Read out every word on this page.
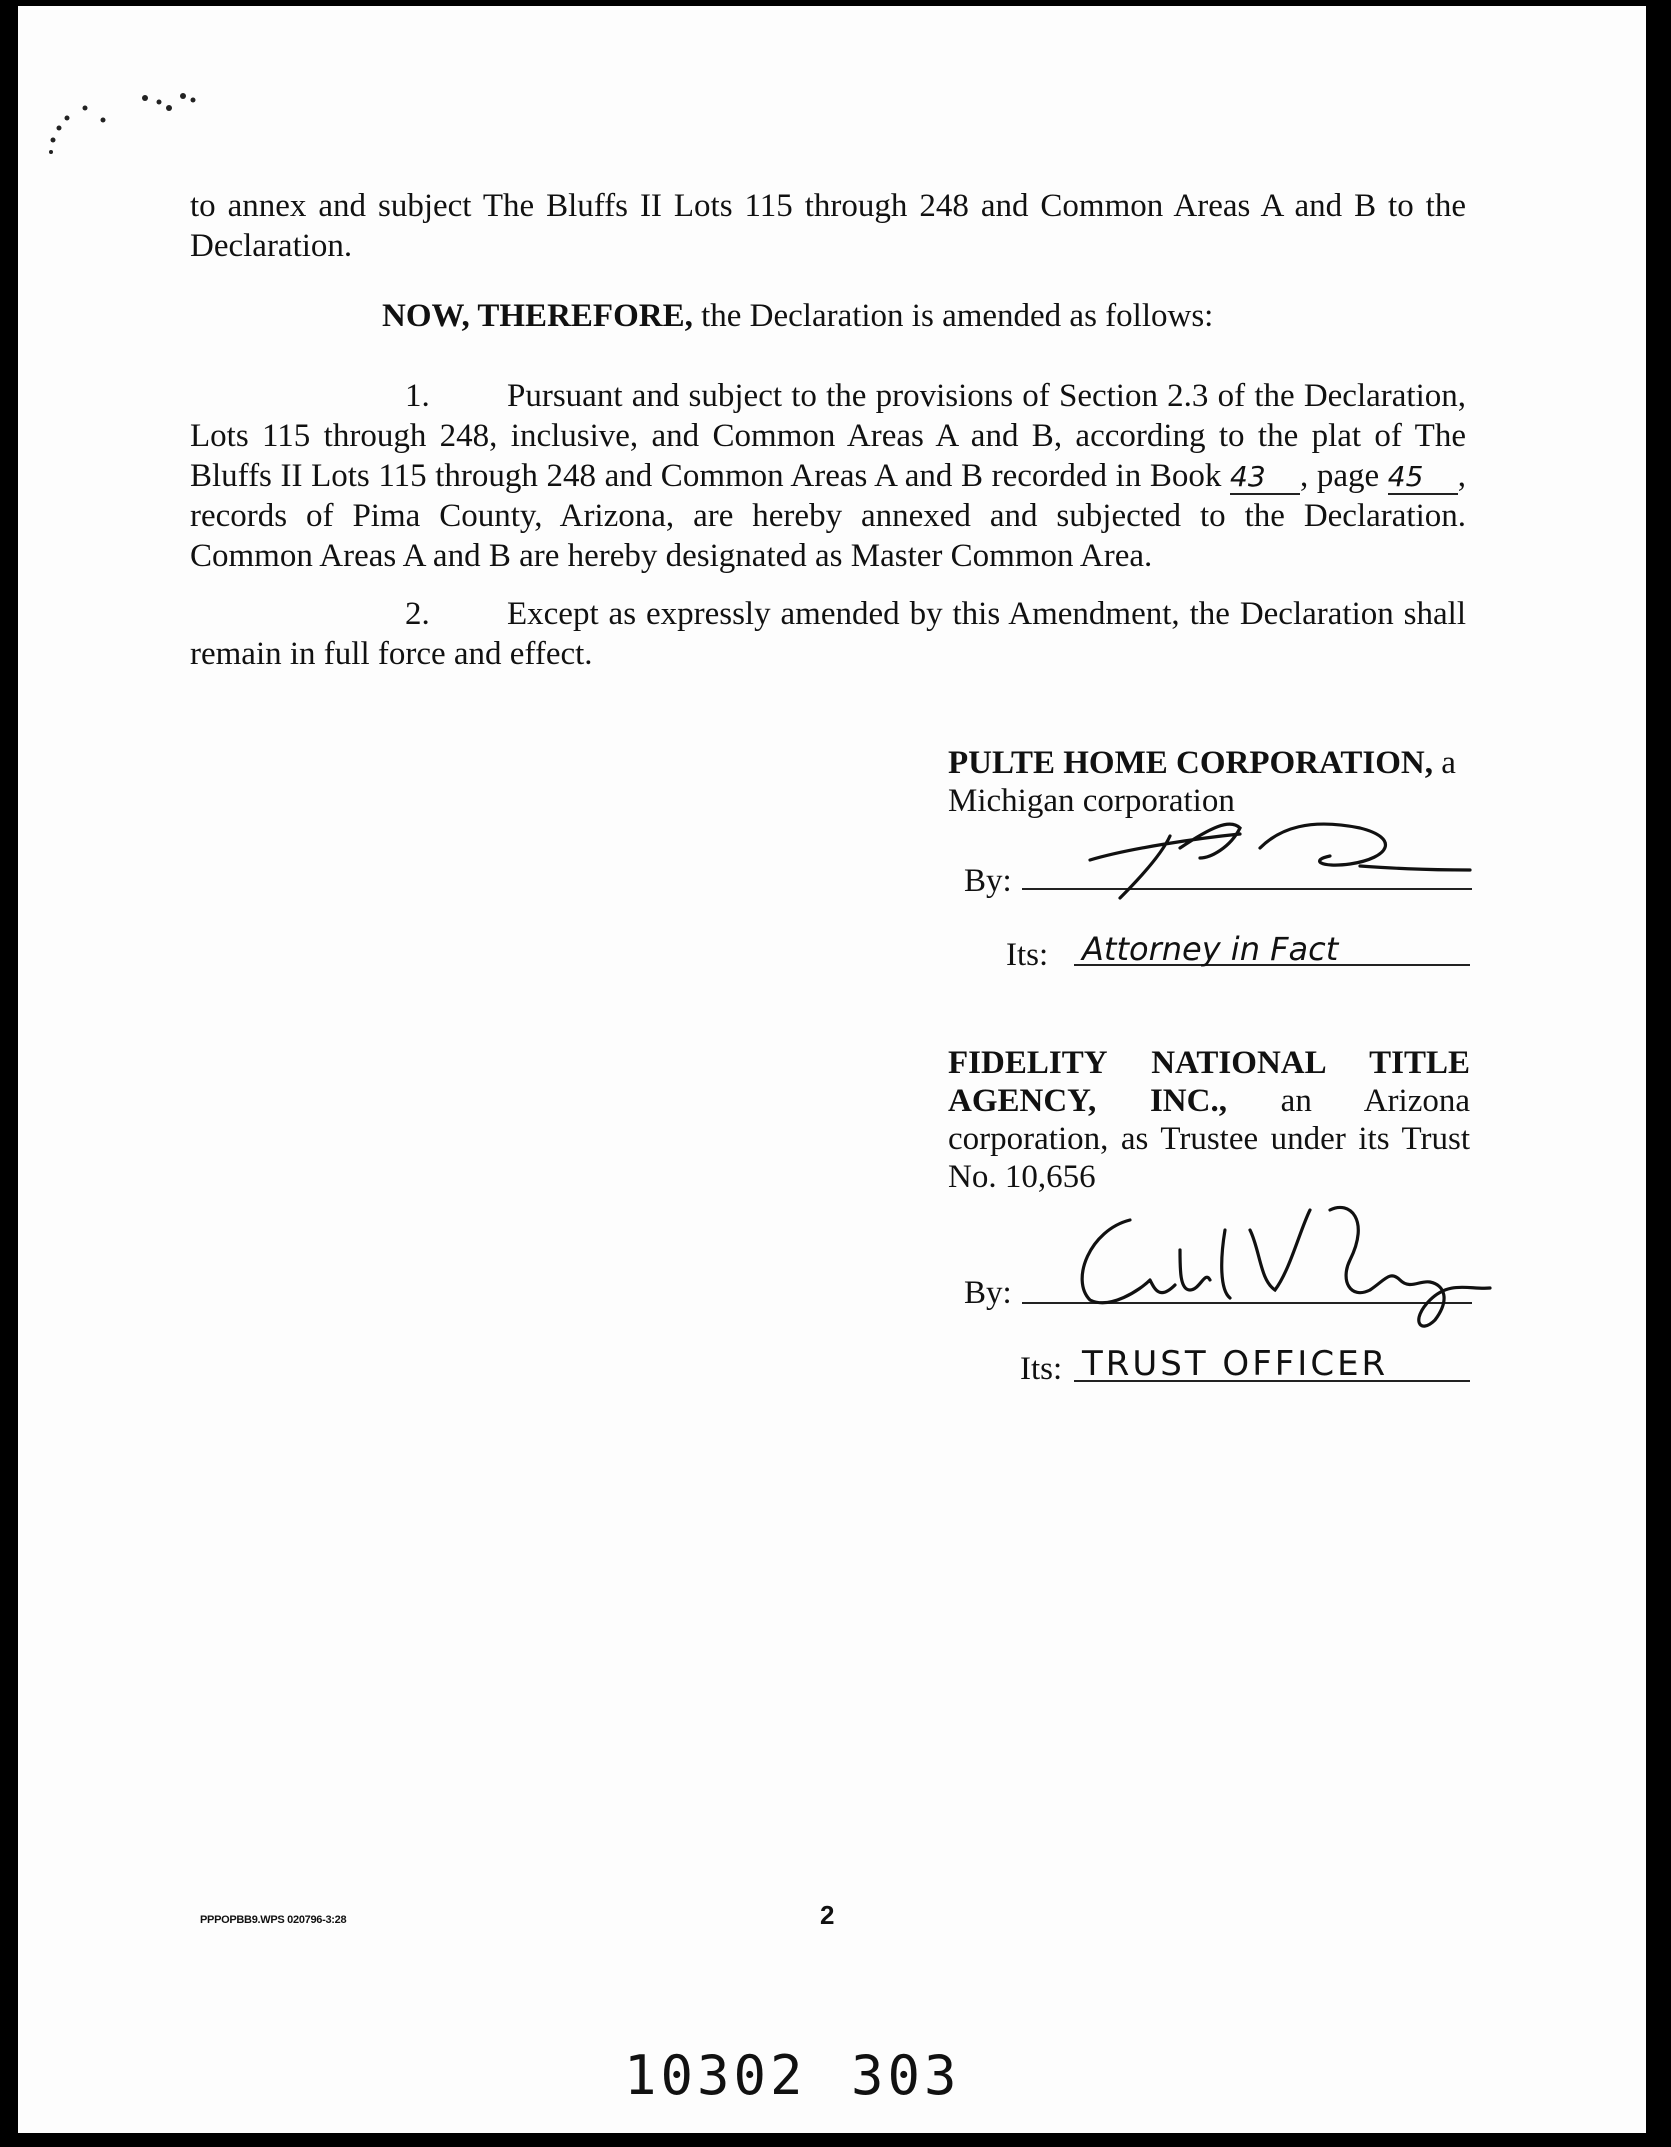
to annex and subject The Bluffs II Lots 115 through 248 and Common Areas A and B to the Declaration.

NOW, THEREFORE, the Declaration is amended as follows:

1. Pursuant and subject to the provisions of Section 2.3 of the Declaration, Lots 115 through 248, inclusive, and Common Areas A and B, according to the plat of The Bluffs II Lots 115 through 248 and Common Areas A and B recorded in Book 43 , page 45 , records of Pima County, Arizona, are hereby annexed and subjected to the Declaration. Common Areas A and B are hereby designated as Master Common Area.

2. Except as expressly amended by this Amendment, the Declaration shall remain in full force and effect.

PULTE HOME CORPORATION, a Michigan corporation
By:
Its: Attorney in Fact
FIDELITY NATIONAL TITLE AGENCY, INC., an Arizona corporation, as Trustee under its Trust No. 10,656
By:
Its: TRUST OFFICER
PPPOPBB9.WPS 020796-3:28	2
10302 303
